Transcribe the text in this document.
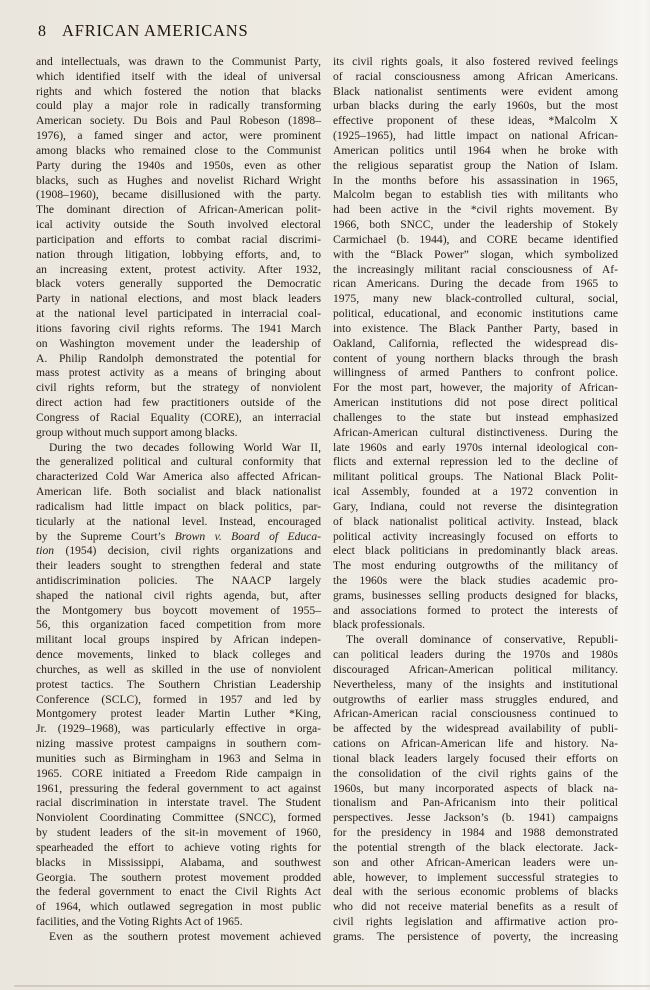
8 AFRICAN AMERICANS
and intellectuals, was drawn to the Communist Party,
which identified itself with the ideal of universal
rights and which fostered the notion that blacks
could play a major role in radically transforming
American society. Du Bois and Paul Robeson (1898–
1976), a famed singer and actor, were prominent
among blacks who remained close to the Communist
Party during the 1940s and 1950s, even as other
blacks, such as Hughes and novelist Richard Wright
(1908–1960), became disillusioned with the party.
The dominant direction of African-American polit-
ical activity outside the South involved electoral
participation and efforts to combat racial discrimi-
nation through litigation, lobbying efforts, and, to
an increasing extent, protest activity. After 1932,
black voters generally supported the Democratic
Party in national elections, and most black leaders
at the national level participated in interracial coal-
itions favoring civil rights reforms. The 1941 March
on Washington movement under the leadership of
A. Philip Randolph demonstrated the potential for
mass protest activity as a means of bringing about
civil rights reform, but the strategy of nonviolent
direct action had few practitioners outside of the
Congress of Racial Equality (CORE), an interracial
group without much support among blacks.
During the two decades following World War II,
the generalized political and cultural conformity that
characterized Cold War America also affected African-
American life. Both socialist and black nationalist
radicalism had little impact on black politics, par-
ticularly at the national level. Instead, encouraged
by the Supreme Court’s Brown v. Board of Educa-
tion (1954) decision, civil rights organizations and
their leaders sought to strengthen federal and state
antidiscrimination policies. The NAACP largely
shaped the national civil rights agenda, but, after
the Montgomery bus boycott movement of 1955–
56, this organization faced competition from more
militant local groups inspired by African indepen-
dence movements, linked to black colleges and
churches, as well as skilled in the use of nonviolent
protest tactics. The Southern Christian Leadership
Conference (SCLC), formed in 1957 and led by
Montgomery protest leader Martin Luther *King,
Jr. (1929–1968), was particularly effective in orga-
nizing massive protest campaigns in southern com-
munities such as Birmingham in 1963 and Selma in
1965. CORE initiated a Freedom Ride campaign in
1961, pressuring the federal government to act against
racial discrimination in interstate travel. The Student
Nonviolent Coordinating Committee (SNCC), formed
by student leaders of the sit-in movement of 1960,
spearheaded the effort to achieve voting rights for
blacks in Mississippi, Alabama, and southwest
Georgia. The southern protest movement prodded
the federal government to enact the Civil Rights Act
of 1964, which outlawed segregation in most public
facilities, and the Voting Rights Act of 1965.
Even as the southern protest movement achieved
its civil rights goals, it also fostered revived feelings
of racial consciousness among African Americans.
Black nationalist sentiments were evident among
urban blacks during the early 1960s, but the most
effective proponent of these ideas, *Malcolm X
(1925–1965), had little impact on national African-
American politics until 1964 when he broke with
the religious separatist group the Nation of Islam.
In the months before his assassination in 1965,
Malcolm began to establish ties with militants who
had been active in the *civil rights movement. By
1966, both SNCC, under the leadership of Stokely
Carmichael (b. 1944), and CORE became identified
with the “Black Power” slogan, which symbolized
the increasingly militant racial consciousness of Af-
rican Americans. During the decade from 1965 to
1975, many new black-controlled cultural, social,
political, educational, and economic institutions came
into existence. The Black Panther Party, based in
Oakland, California, reflected the widespread dis-
content of young northern blacks through the brash
willingness of armed Panthers to confront police.
For the most part, however, the majority of African-
American institutions did not pose direct political
challenges to the state but instead emphasized
African-American cultural distinctiveness. During the
late 1960s and early 1970s internal ideological con-
flicts and external repression led to the decline of
militant political groups. The National Black Polit-
ical Assembly, founded at a 1972 convention in
Gary, Indiana, could not reverse the disintegration
of black nationalist political activity. Instead, black
political activity increasingly focused on efforts to
elect black politicians in predominantly black areas.
The most enduring outgrowths of the militancy of
the 1960s were the black studies academic pro-
grams, businesses selling products designed for blacks,
and associations formed to protect the interests of
black professionals.
The overall dominance of conservative, Republi-
can political leaders during the 1970s and 1980s
discouraged African-American political militancy.
Nevertheless, many of the insights and institutional
outgrowths of earlier mass struggles endured, and
African-American racial consciousness continued to
be affected by the widespread availability of publi-
cations on African-American life and history. Na-
tional black leaders largely focused their efforts on
the consolidation of the civil rights gains of the
1960s, but many incorporated aspects of black na-
tionalism and Pan-Africanism into their political
perspectives. Jesse Jackson’s (b. 1941) campaigns
for the presidency in 1984 and 1988 demonstrated
the potential strength of the black electorate. Jack-
son and other African-American leaders were un-
able, however, to implement successful strategies to
deal with the serious economic problems of blacks
who did not receive material benefits as a result of
civil rights legislation and affirmative action pro-
grams. The persistence of poverty, the increasing
